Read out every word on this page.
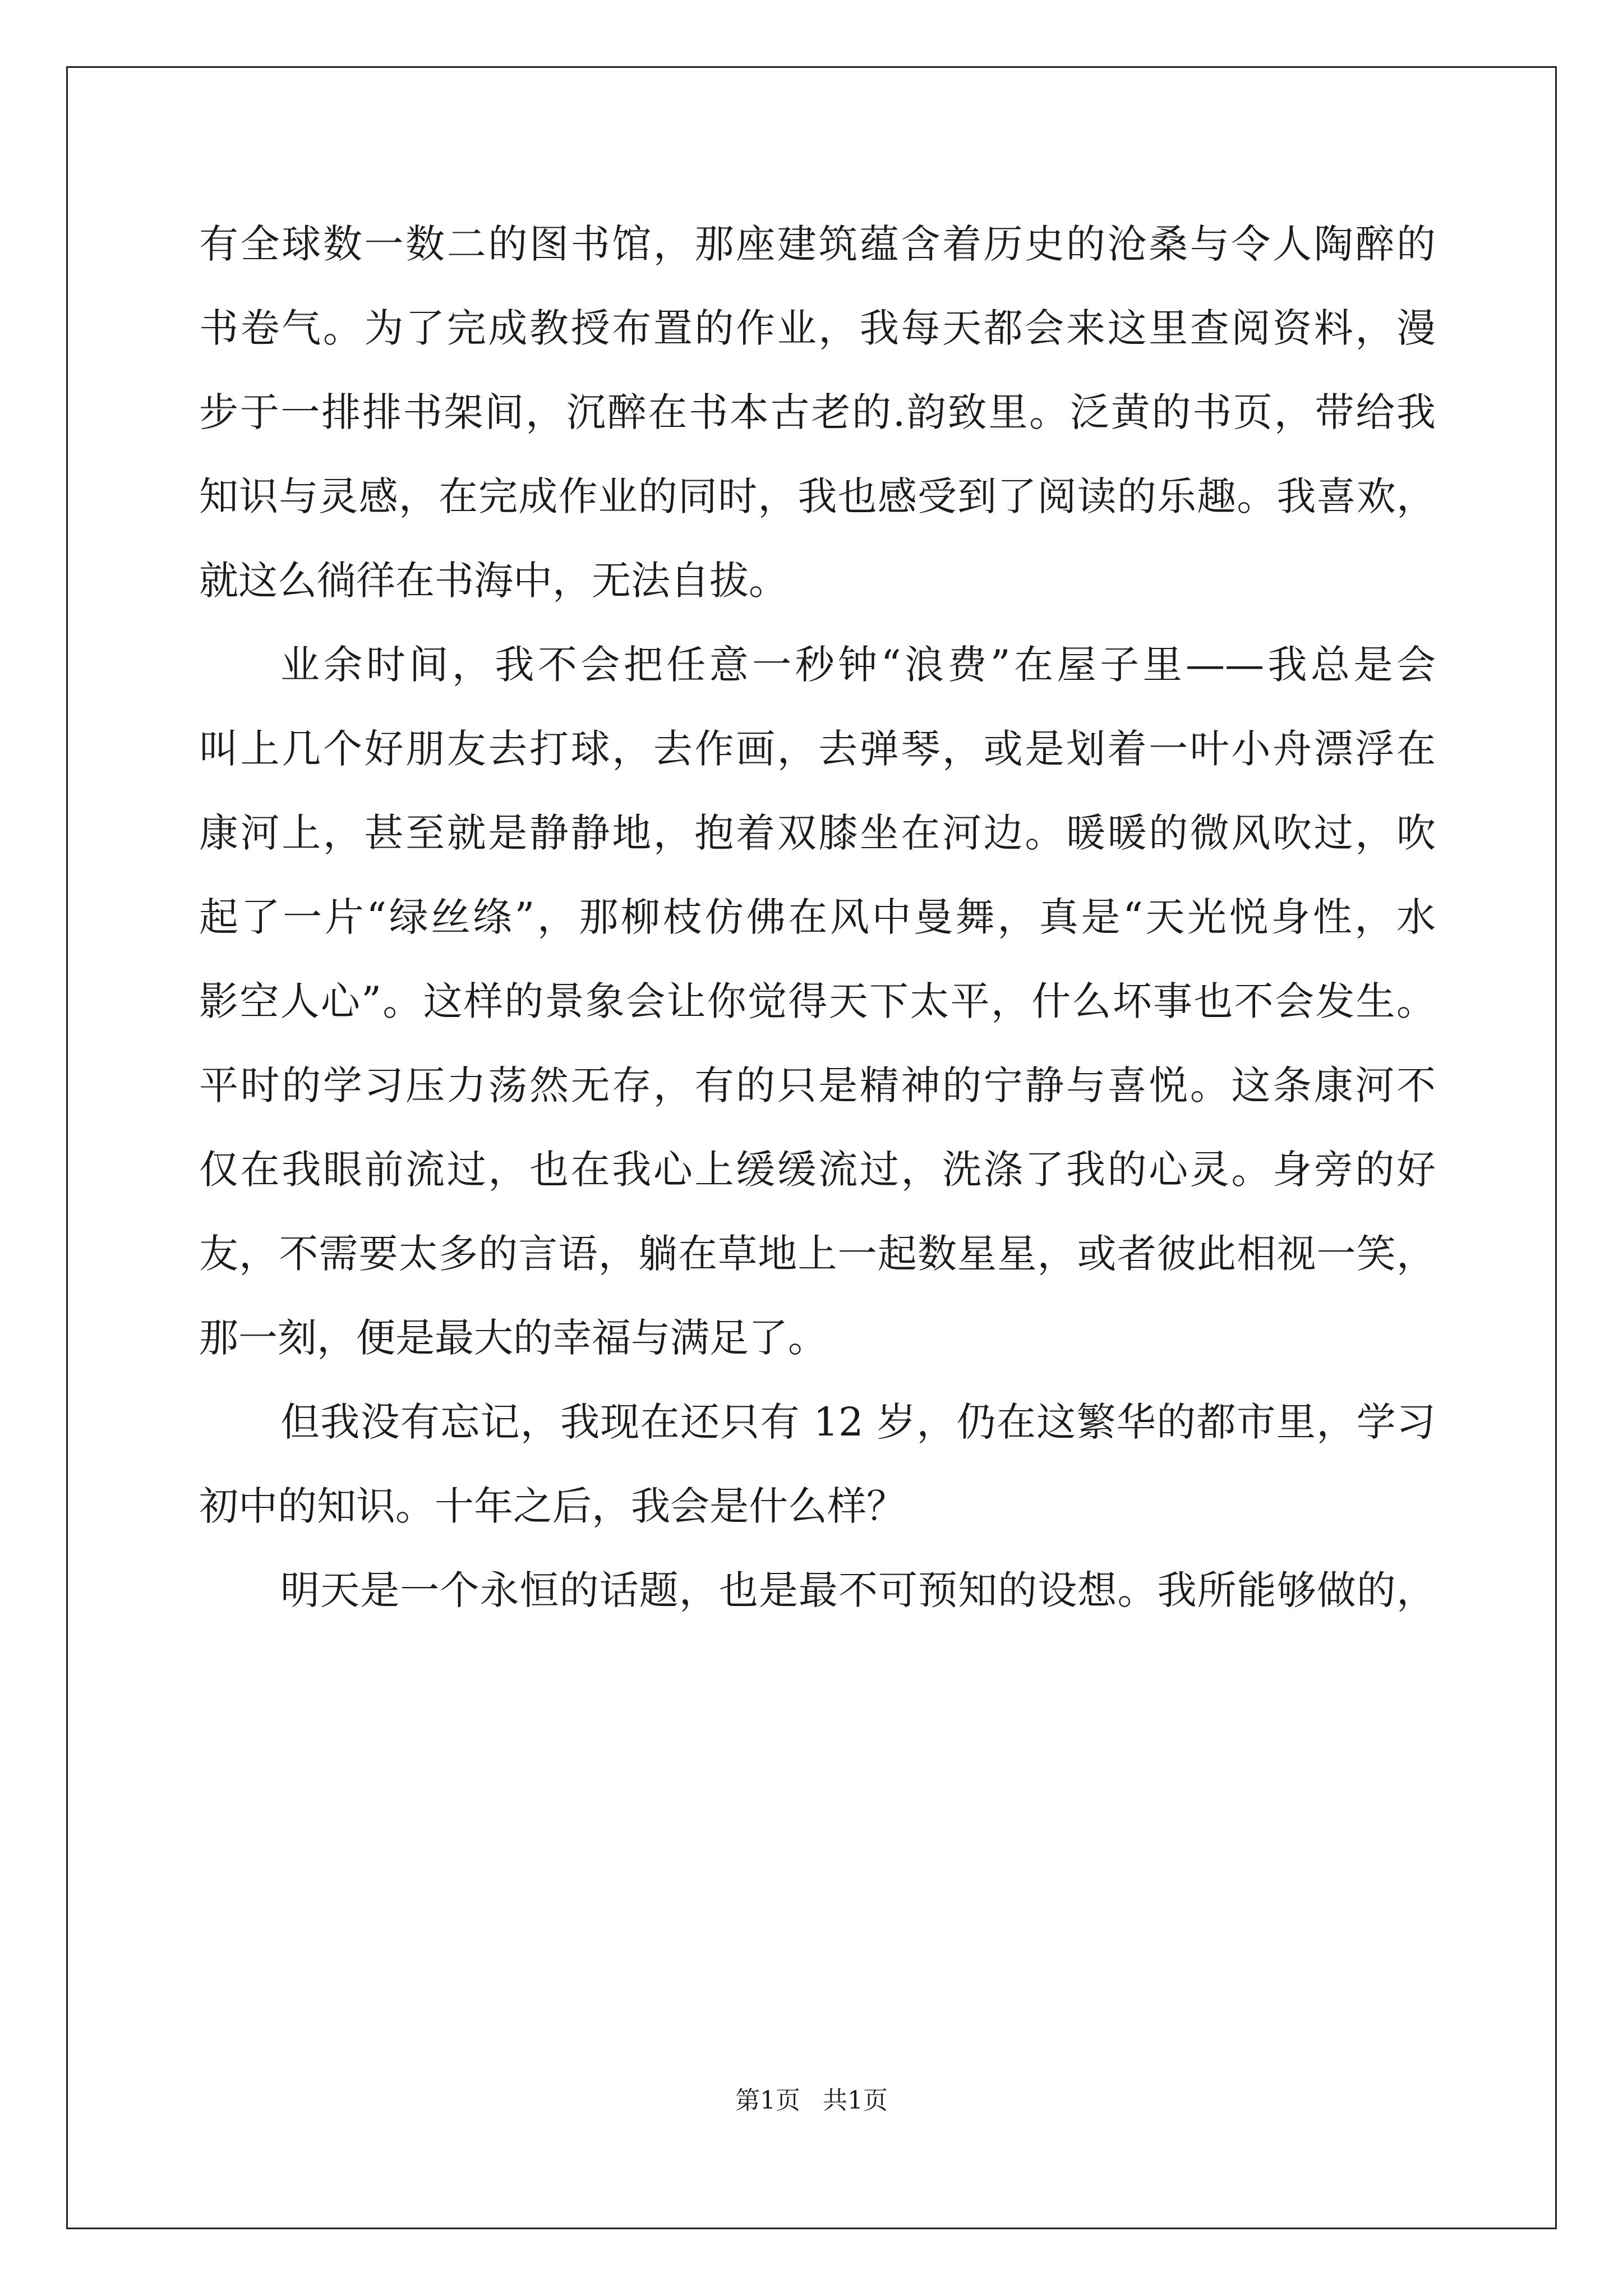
有全球数一数二的图书馆，那座建筑蕴含着历史的沧桑与令人陶醉的
书卷气。为了完成教授布置的作业，我每天都会来这里查阅资料，漫
步于一排排书架间，沉醉在书本古老的.韵致里。泛黄的书页，带给我
知识与灵感，在完成作业的同时，我也感受到了阅读的乐趣。我喜欢，
就这么徜徉在书海中，无法自拔。
业余时间，我不会把任意一秒钟“浪费”在屋子里——我总是会
叫上几个好朋友去打球，去作画，去弹琴，或是划着一叶小舟漂浮在
康河上，甚至就是静静地，抱着双膝坐在河边。暖暖的微风吹过，吹
起了一片“绿丝绦”，那柳枝仿佛在风中曼舞，真是“天光悦身性，水
影空人心”。这样的景象会让你觉得天下太平，什么坏事也不会发生。
平时的学习压力荡然无存，有的只是精神的宁静与喜悦。这条康河不
仅在我眼前流过，也在我心上缓缓流过，洗涤了我的心灵。身旁的好
友，不需要太多的言语，躺在草地上一起数星星，或者彼此相视一笑，
那一刻，便是最大的幸福与满足了。
但我没有忘记，我现在还只有 12 岁，仍在这繁华的都市里，学习
初中的知识。十年之后，我会是什么样？
明天是一个永恒的话题，也是最不可预知的设想。我所能够做的，
第1页 共1页
